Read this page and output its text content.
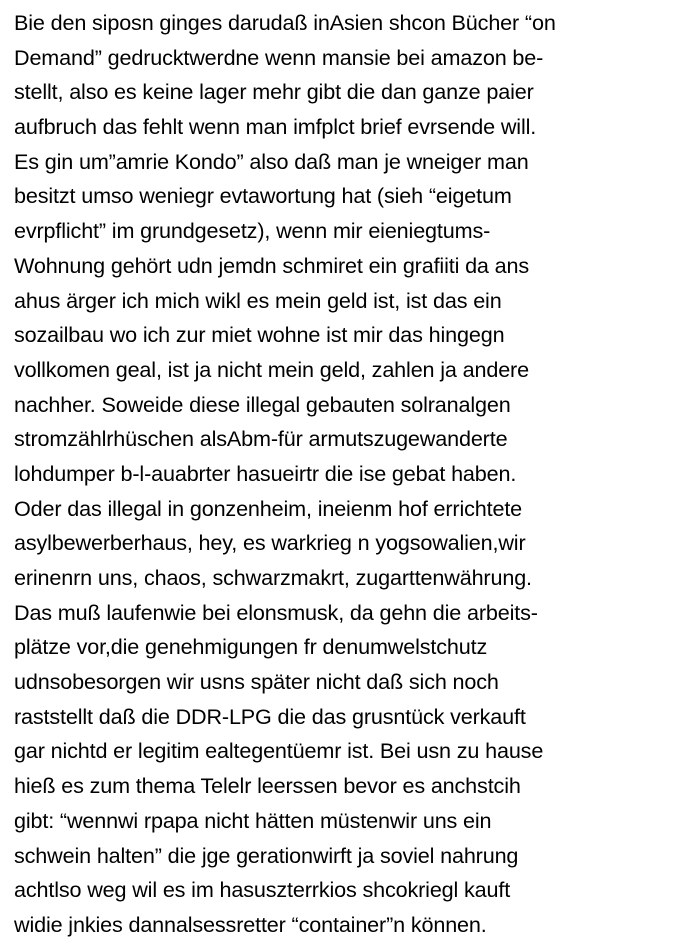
Bie den siposn ginges darudaß inAsien shcon Bücher “on
Demand” gedrucktwerdne wenn mansie bei amazon be-
stellt, also es keine lager mehr gibt die dan ganze paier
aufbruch das fehlt wenn man imfplct brief evrsende will.
Es gin um”amrie Kondo” also daß man je wneiger man
besitzt umso weniegr evtawortung hat (sieh “eigetum
evrpflicht” im grundgesetz), wenn mir eieniegtums-
Wohnung gehört udn jemdn schmiret ein grafiiti da ans
ahus ärger ich mich wikl es mein geld ist, ist das ein
sozailbau wo ich zur miet wohne ist mir das hingegn
vollkomen geal, ist ja nicht mein geld, zahlen ja andere
nachher. Soweide diese illegal gebauten solranalgen
stromzählrhüschen alsAbm-für armutszugewanderte
lohdumper b-l-auabrter hasueirtr die ise gebat haben.
Oder das illegal in gonzenheim, ineienm hof errichtete
asylbewerberhaus, hey, es warkrieg n yogsowalien,wir
erinenrn uns, chaos, schwarzmakrt, zugarttenwährung.
Das muß laufenwie bei elonsmusk, da gehn die arbeits-
plätze vor,die genehmigungen fr denumwelstchutz
udnsobesorgen wir usns später nicht daß sich noch
raststellt daß die DDR-LPG die das grusntück verkauft
gar nichtd er legitim ealtegentüemr ist. Bei usn zu hause
hieß es zum thema Telelr leerssen bevor es anchstcih
gibt: “wennwi rpapa nicht hätten müstenwir uns ein
schwein halten” die jge gerationwirft ja soviel nahrung
achtlso weg wil es im hasuszterrkios shcokriegl kauft
widie jnkies dannalsessretter “container”n können.
